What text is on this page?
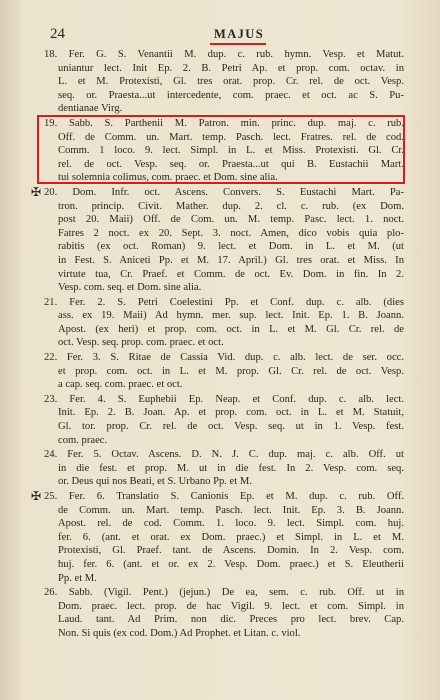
24	MAJUS
18. Fer. G. S. Venantii M. dup. c. rub. hymn. Vesp. et Matut.
uniantur lect. Init Ep. 2. B. Petri Ap. et prop. com. octav. in
L. et M. Protexisti, Gl. tres orat. prop. Cr. rel. de oct. Vesp.
seq. or. Praesta...ut intercedente, com. praec. et oct. ac S. Pu-
dentianae Virg.
19. Sabb. S. Parthenii M. Patron. min. princ. dup. maj. c. rub.
Off. de Comm. un. Mart. temp. Pasch. lect. Fratres. rel. de cod.
Comm. 1 loco. 9. lect. Simpl. in L. et Miss. Protexisti. Gl. Cr.
rel. de oct. Vesp. seq. or. Praesta...ut qui B. Eustachii Mart.
tui solemnia colimus, com. praec. et Dom. sine alia.
✠ 20. Dom. Infr. oct. Ascens. Convers. S. Eustachi Mart. Pa-
tron. princip. Civit. Mather. dup. 2. cl. c. rub. (ex Dom.
post 20. Maii) Off. de Com. un. M. temp. Pasc. lect. 1. noct.
Fatres 2 noct. ex 20. Sept. 3. noct. Amen, dico vobis quia plo-
rabitis (ex oct. Roman) 9. lect. et Dom. in L. et M. (ut
in Fest. S. Aniceti Pp. et M. 17. April.) Gl. tres orat. et Miss. In
virtute tua, Cr. Praef. et Comm. de oct. Ev. Dom. in fin. In 2.
Vesp. com. seq. et Dom. sine alia.
21. Fer. 2. S. Petri Coelestini Pp. et Conf. dup. c. alb. (dies
ass. ex 19. Maii) Ad hymn. mer. sup. lect. Init. Ep. 1. B. Joann.
Apost. (ex heri) et prop. com. oct. in L. et M. Gl. Cr. rel. de
oct. Vesp. seq. prop. com. praec. et oct.
22. Fer. 3. S. Ritae de Cassia Vid. dup. c. alb. lect. de ser. occ.
et prop. com. oct. in L. et M. prop. Gl. Cr. rel. de oct. Vesp.
a cap. seq. com. praec. et oct.
23. Fer. 4. S. Euphebii Ep. Neap. et Conf. dup. c. alb. lect.
Init. Ep. 2. B. Joan. Ap. et prop. com. oct. in L. et M. Statuit,
Gl. tor. prop. Cr. rel. de oct. Vesp. seq. ut in 1. Vesp. fest.
com. praec.
24. Fer. 5. Octav. Ascens. D. N. J. C. dup. maj. c. alb. Off. ut
in die fest. et prop. M. ut in die fest. In 2. Vesp. com. seq.
or. Deus qui nos Beati, et S. Urbano Pp. et M.
✠ 25. Fer. 6. Translatio S. Canionis Ep. et M. dup. c. rub. Off.
de Comm. un. Mart. temp. Pasch. lect. Init. Ep. 3. B. Joann.
Apost. rel. de cod. Comm. 1. loco. 9. lect. Simpl. com. huj.
fer. 6. (ant. et orat. ex Dom. praec.) et Simpl. in L. et M.
Protexisti, Gl. Praef. tant. de Ascens. Domin. In 2. Vesp. com.
huj. fer. 6. (ant. et or. ex 2. Vesp. Dom. praec.) et S. Eleutherii
Pp. et M.
26. Sabb. (Vigil. Pent.) (jejun.) De ea, sem. c. rub. Off. ut in
Dom. praec. lect. prop. de hac Vigil. 9. lect. et com. Simpl. in
Laud. tant. Ad Prim. non dic. Preces pro lect. brev. Cap.
Non. Si quis (ex cod. Dom.) Ad Prophet. et Litan. c. viol.
